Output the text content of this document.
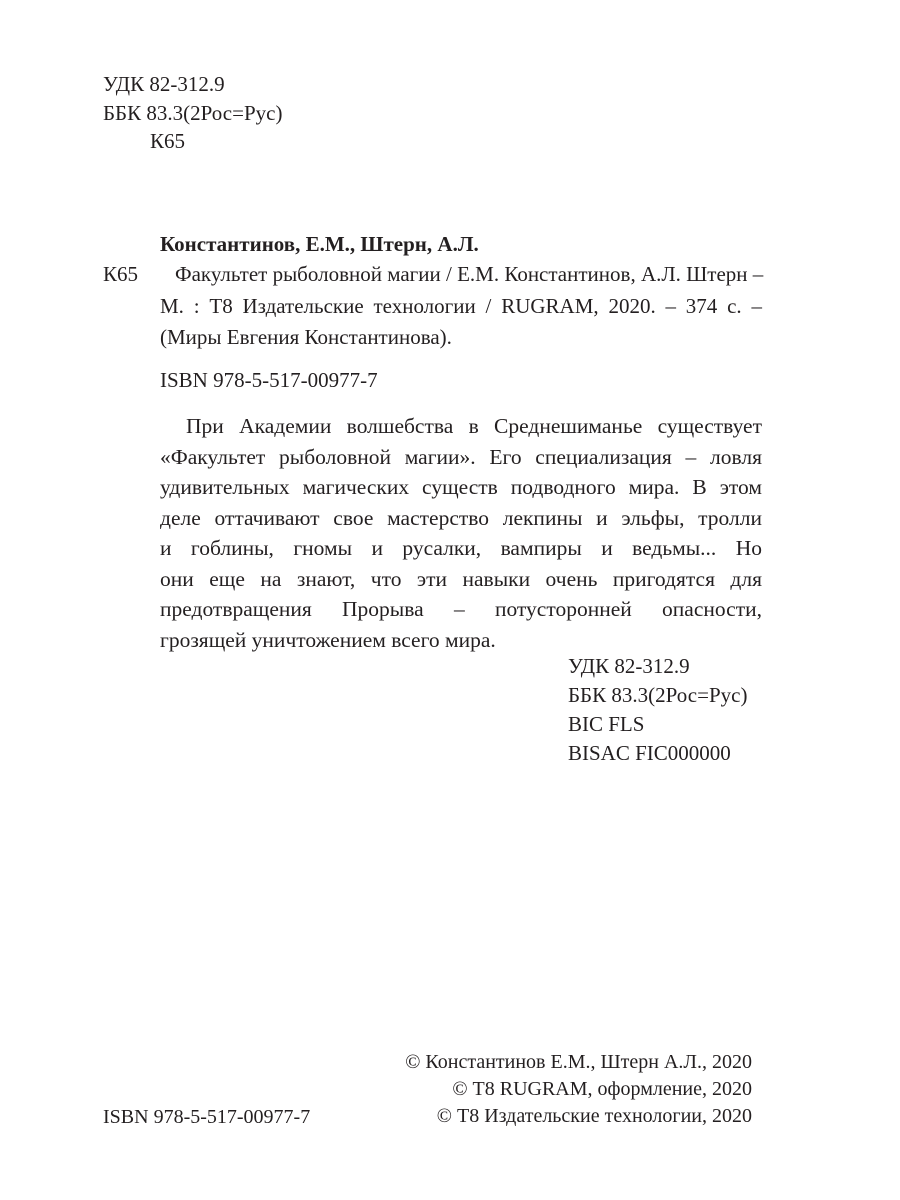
УДК 82-312.9
ББК 83.3(2Рос=Рус)
К65
Константинов, Е.М., Штерн, А.Л.
К65 Факультет рыболовной магии / Е.М. Константинов, А.Л. Штерн –
М. : Т8 Издательские технологии / RUGRAM, 2020. – 374 с. –
(Миры Евгения Константинова).
ISBN 978-5-517-00977-7
При Академии волшебства в Среднешиманье существует
«Факультет рыболовной магии». Его специализация – ловля
удивительных магических существ подводного мира. В этом
деле оттачивают свое мастерство лекпины и эльфы, тролли
и гоблины, гномы и русалки, вампиры и ведьмы... Но
они еще на знают, что эти навыки очень пригодятся для
предотвращения Прорыва – потусторонней опасности,
грозящей уничтожением всего мира.
УДК 82-312.9
ББК 83.3(2Рос=Рус)
BIC FLS
BISAC FIC000000
ISBN 978-5-517-00977-7
© Константинов Е.М., Штерн А.Л., 2020
© Т8 RUGRAM, оформление, 2020
© Т8 Издательские технологии, 2020
